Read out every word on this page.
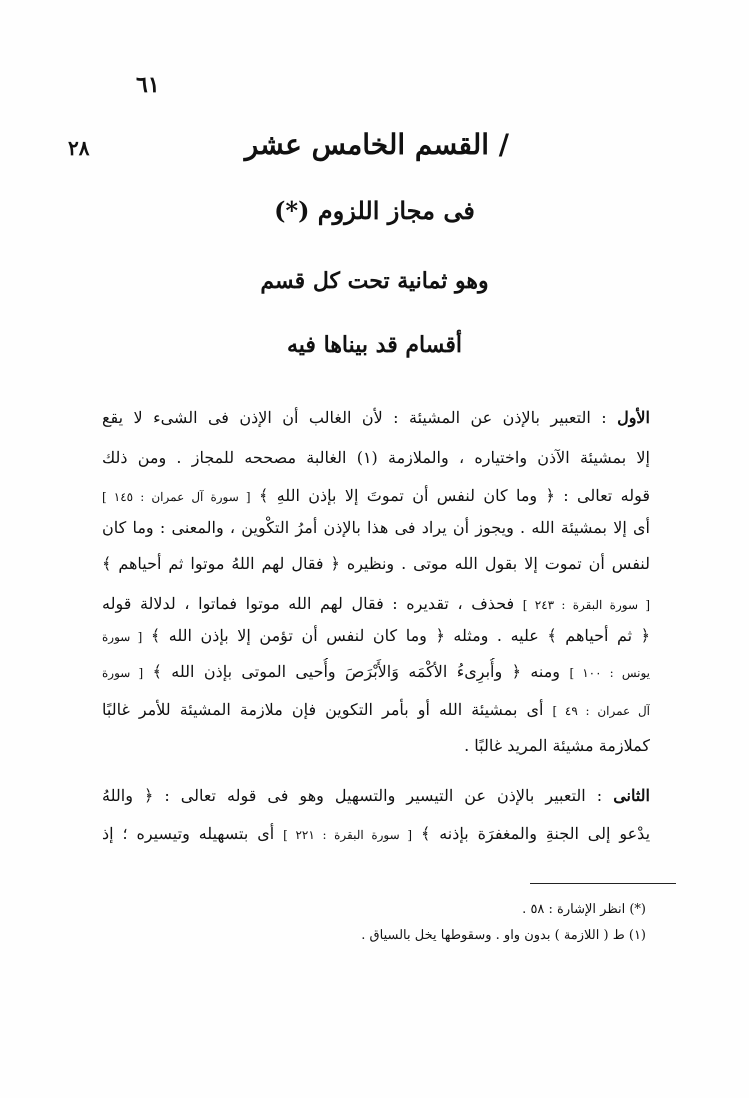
٦١
٢٨	/ القسم الخامس عشر
فى مجاز اللزوم (*)
وهو ثمانية تحت كل قسم
أقسام قد بيناها فيه
الأول : التعبير بالإذن عن المشيئة : لأن الغالب أن الإذن فى الشىء لا يقع
إلا بمشيئة الآذن واختياره ، والملازمة (١) الغالبة مصححه للمجاز . ومن ذلك
قوله تعالى : ﴿ وما كان لنفس أن تموتَ إلا بإذن اللهِ ﴾ [ سورة آل عمران : ١٤٥ ]
أى إلا بمشيئة الله . ويجوز أن يراد فى هذا بالإذن أمرُ التكْوين ، والمعنى : وما كان
لنفس أن تموت إلا بقول الله موتى . ونظيره ﴿ فقال لهم اللهُ موتوا ثم أحياهم ﴾
[ سورة البقرة : ٢٤٣ ] فحذف ، تقديره : فقال لهم الله موتوا فماتوا ، لدلالة قوله
﴿ ثم أحياهم ﴾ عليه . ومثله ﴿ وما كان لنفس أن تؤمن إلا بإذن الله ﴾ [ سورة
يونس : ١٠٠ ] ومنه ﴿ وأُبرِىءُ الأكْمَه وَالأَبْرَصَ وأُحيى الموتى بإذن الله ﴾ [ سورة
آل عمران : ٤٩ ] أى بمشيئة الله أو بأمر التكوين فإن ملازمة المشيئة للأمر غالبًا
كملازمة مشيئة المريد غالبًا .
الثانى : التعبير بالإذن عن التيسير والتسهيل وهو فى قوله تعالى : ﴿ واللهُ
يدْعو إلى الجنةِ والمغفرَة بإذنه ﴾ [ سورة البقرة : ٢٢١ ] أى بتسهيله وتيسيره ؛ إذ
(*) انظر الإشارة : ٥٨ .
(١) ط ( اللازمة ) بدون واو . وسقوطها يخل بالسياق .
